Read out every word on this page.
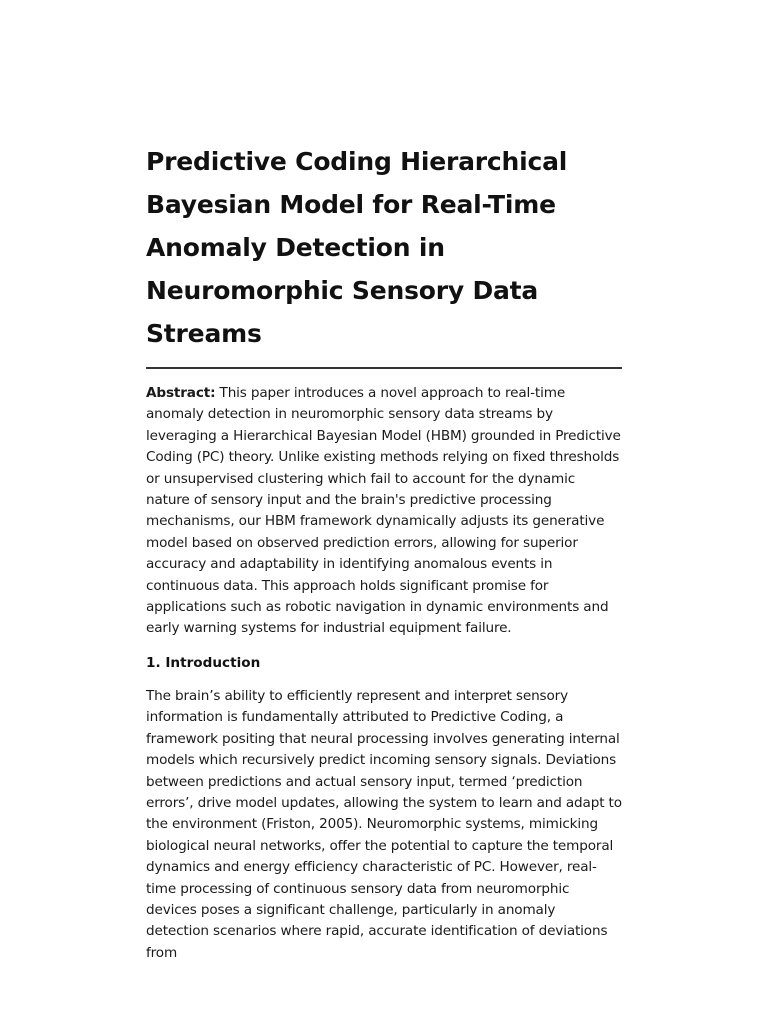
Predictive Coding Hierarchical Bayesian Model for Real-Time Anomaly Detection in Neuromorphic Sensory Data Streams

Abstract: This paper introduces a novel approach to real-time anomaly detection in neuromorphic sensory data streams by leveraging a Hierarchical Bayesian Model (HBM) grounded in Predictive Coding (PC) theory. Unlike existing methods relying on fixed thresholds or unsupervised clustering which fail to account for the dynamic nature of sensory input and the brain's predictive processing mechanisms, our HBM framework dynamically adjusts its generative model based on observed prediction errors, allowing for superior accuracy and adaptability in identifying anomalous events in continuous data. This approach holds significant promise for applications such as robotic navigation in dynamic environments and early warning systems for industrial equipment failure.

1. Introduction

The brain’s ability to efficiently represent and interpret sensory information is fundamentally attributed to Predictive Coding, a framework positing that neural processing involves generating internal models which recursively predict incoming sensory signals. Deviations between predictions and actual sensory input, termed ‘prediction errors’, drive model updates, allowing the system to learn and adapt to the environment (Friston, 2005). Neuromorphic systems, mimicking biological neural networks, offer the potential to capture the temporal dynamics and energy efficiency characteristic of PC. However, real-time processing of continuous sensory data from neuromorphic devices poses a significant challenge, particularly in anomaly detection scenarios where rapid, accurate identification of deviations from
